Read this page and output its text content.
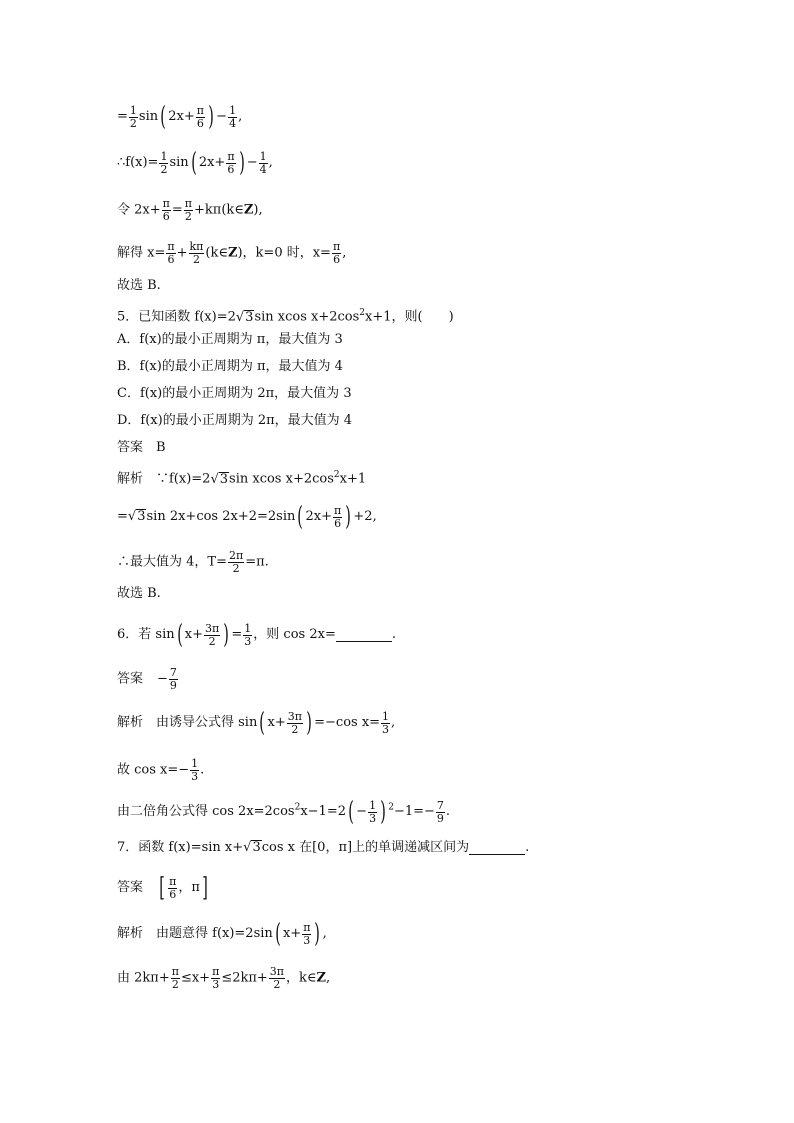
= $\frac{1}{2} \sin$( $2x+ \frac{\pi}{6}$ ) − $\frac{1}{4}$ ,
∴f(x)= $\frac{1}{2} \sin$( $2x+ \frac{\pi}{6}$ ) − $\frac{1}{4}$ ,
令 $2x+ \frac{\pi}{6} = \frac{\pi}{2}$ +kπ(k∈Z),
解得 $x= \frac{\pi}{6} + \frac{k\pi}{2}$ (k∈Z)，k=0 时，$x= \frac{\pi}{6}$ ,
故选 B.
5．已知函数 f(x)=2 √ 3 sin xcos $x+2\cos^2x+1$，则(　　)
A．f(x)的最小正周期为 π，最大值为 3
B．f(x)的最小正周期为 π，最大值为 4
C．f(x)的最小正周期为 2π，最大值为 3
D．f(x)的最小正周期为 2π，最大值为 4
答案　B
解析　∵f(x)=2 √ 3 sin xcos $x+2\cos^2x+1$
= √ 3 sin 2x+cos 2x+2=2sin( $2x+ \frac{\pi}{6}$ ) +2,
∴最大值为 4，$T= \frac{2\pi}{2} =\pi$.
故选 B.
6．若 sin( $x+ \frac{3\pi}{2}$ ) = $\frac{1}{3}$ ，则 cos 2x=	.
答案 − $\frac{7}{9}$
解析　由诱导公式得 sin( $x+ \frac{3\pi}{2}$ ) =−cos $x= \frac{1}{3}$ ,
故 $\cos x=- \frac{1}{3}$ .
由二倍角公式得 $\cos 2x=2\cos^2x-1=2( - \frac{1}{3}$ ) $^2-1=- \frac{7}{9}$ .
7．函数 f(x)=sin x+ √ 3 cos x 在[0，π]上的单调递减区间为	.
答案 [ $\frac{\pi}{6}$ ，π]
解析　由题意得 f(x)=2sin( $x+ \frac{\pi}{3}$ ) ,
由 $2k\pi+ \frac{\pi}{2} \le x+ \frac{\pi}{3} \le 2k\pi+ \frac{3\pi}{2}$ ，k∈Z,
